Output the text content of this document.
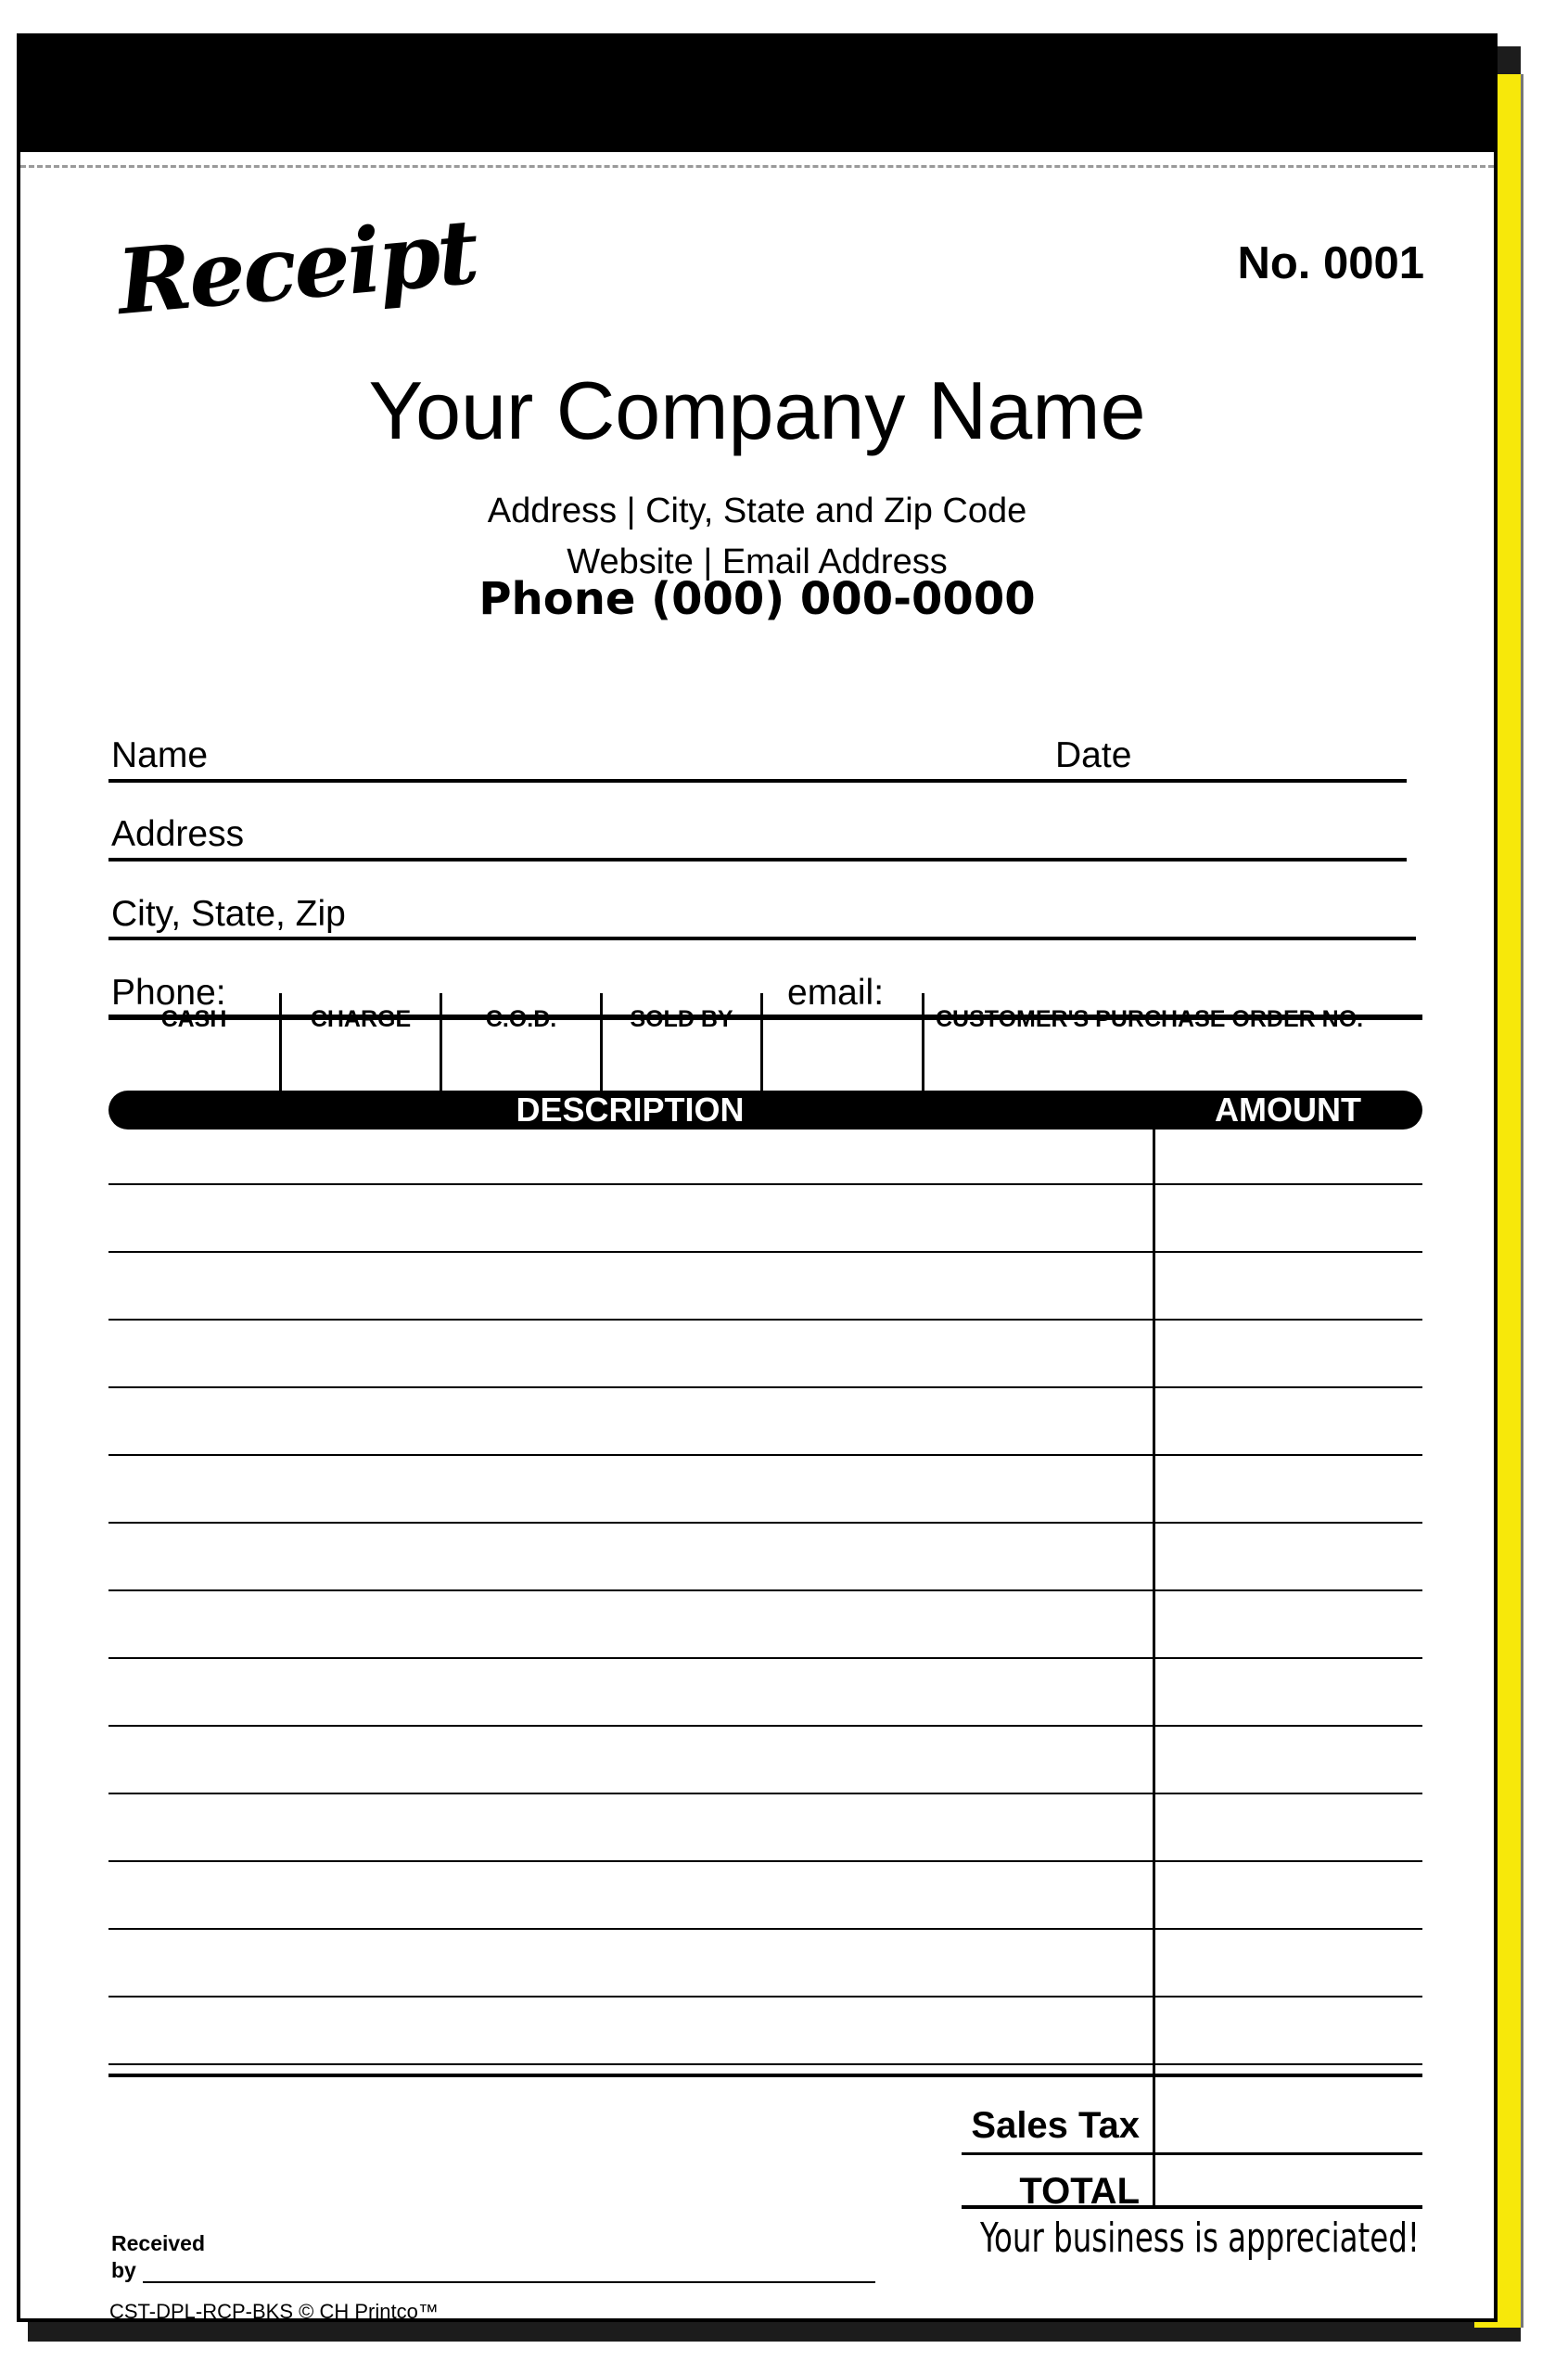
Receipt	No. 0001
Your Company Name
Address | City, State and Zip Code
Website | Email Address
Phone (000) 000-0000
Name	Date
Address
City, State, Zip
Phone:	email:
CASH	CHARGE	C.O.D.	SOLD BY	CUSTOMER'S PURCHASE ORDER NO.
DESCRIPTION	AMOUNT
Sales Tax
TOTAL
Your business is appreciated!
Received
by
CST-DPL-RCP-BKS © CH Printco™
